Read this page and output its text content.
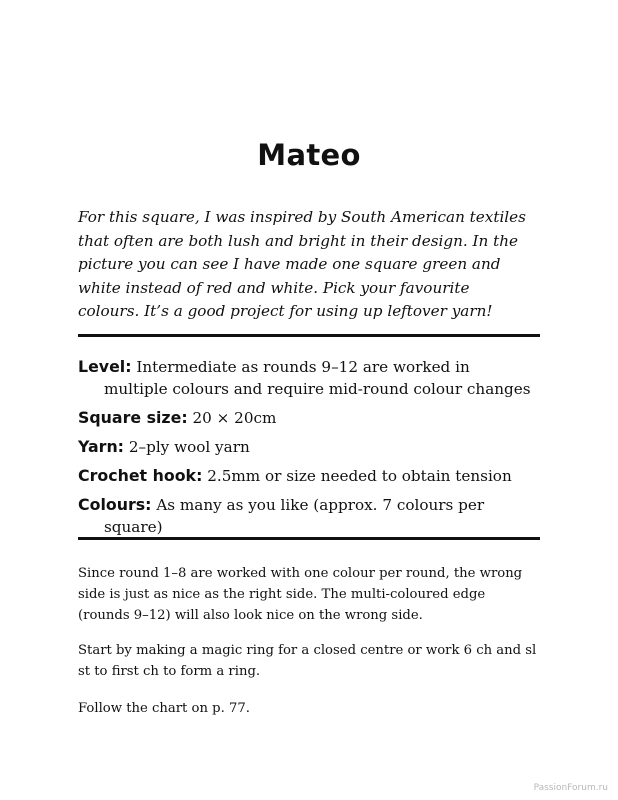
Mateo

For this square, I was inspired by South American textiles

that often are both lush and bright in their design. In the

picture you can see I have made one square green and

white instead of red and white. Pick your favourite

colours. It’s a good project for using up leftover yarn!

Level: Intermediate as rounds 9–12 are worked in
multiple colours and require mid-round colour changes
Square size: 20 × 20cm
Yarn: 2–ply wool yarn
Crochet hook: 2.5mm or size needed to obtain tension
Colours: As many as you like (approx. 7 colours per
square)
Since round 1–8 are worked with one colour per round, the wrong
side is just as nice as the right side. The multi-coloured edge
(rounds 9–12) will also look nice on the wrong side.
Start by making a magic ring for a closed centre or work 6 ch and sl
st to first ch to form a ring.
Follow the chart on p. 77.
PassionForum.ru
